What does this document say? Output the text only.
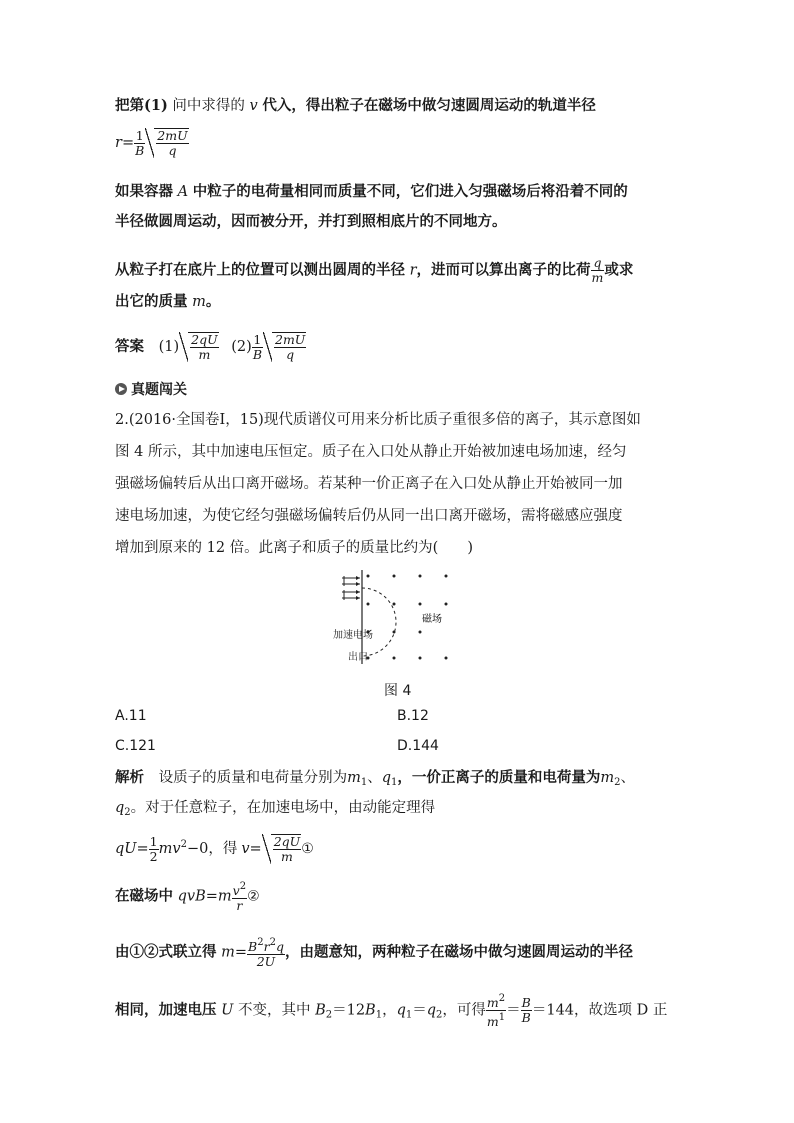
把第(1) 问中求得的 v 代入，得出粒子在磁场中做匀速圆周运动的轨道半径
$r= \frac{1}{B} \frac{2mU}{q}$
如果容器 A 中粒子的电荷量相同而质量不同，它们进入匀强磁场后将沿着不同的
半径做圆周运动，因而被分开，并打到照相底片的不同地方。
从粒子打在底片上的位置可以测出圆周的半径 r，进而可以算出离子的比荷 $\frac{q}{m}$ 或求
出它的质量 m。
答案 $(1) \frac{2qU}{m} (2) \frac{1}{B} \frac{2mU}{q}$
真题闯关
2.(2016·全国卷Ⅰ，15)现代质谱仪可用来分析比质子重很多倍的离子，其示意图如
图 4 所示，其中加速电压恒定。质子在入口处从静止开始被加速电场加速，经匀
强磁场偏转后从出口离开磁场。若某种一价正离子在入口处从静止开始被同一加
速电场加速，为使它经匀强磁场偏转后仍从同一出口离开磁场，需将磁感应强度
增加到原来的 12 倍。此离子和质子的质量比约为(　　)
磁场
加速电场
出口
图 4
A.11	B.12
C.121	D.144
解析 设质子的质量和电荷量分别为$m_1$、$q_1$，一价正离子的质量和电荷量为$m_2$、
$q_2$。对于任意粒子，在加速电场中，由动能定理得
$qU= \frac{1}{2} mv^2-0$，得 $v= \frac{2qU}{m}$ ①
在磁场中 $qvB=m \frac{v^2}{r}$ ②
由①②式联立得 $m= \frac{B^2r^2q}{2U}$ ，由题意知，两种粒子在磁场中做匀速圆周运动的半径
相同，加速电压 U 不变，其中 $B_2=12B_1$，$q_1=q_2$，可得 $\frac{m^2}{m^1} = \frac{B}{B} =144$，故选项 D 正
